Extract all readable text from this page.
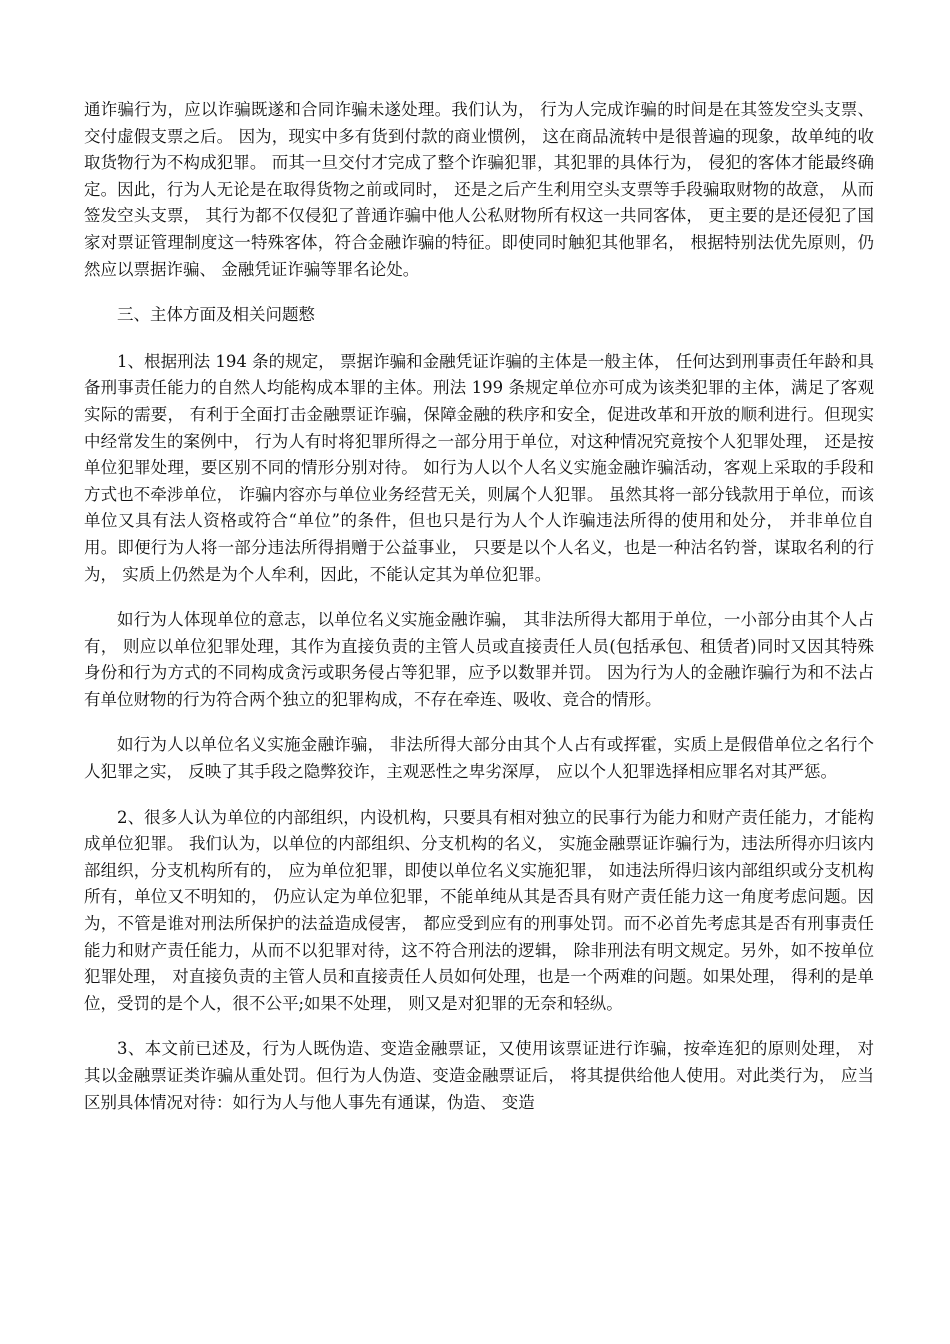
通诈骗行为，应以诈骗既遂和合同诈骗未遂处理。我们认为， 行为人完成诈骗的时间是在其签发空头支票、交付虚假支票之后。 因为，现实中多有货到付款的商业惯例， 这在商品流转中是很普遍的现象，故单纯的收取货物行为不构成犯罪。 而其一旦交付才完成了整个诈骗犯罪，其犯罪的具体行为， 侵犯的客体才能最终确定。因此，行为人无论是在取得货物之前或同时， 还是之后产生利用空头支票等手段骗取财物的故意， 从而签发空头支票， 其行为都不仅侵犯了普通诈骗中他人公私财物所有权这一共同客体， 更主要的是还侵犯了国家对票证管理制度这一特殊客体，符合金融诈骗的特征。即使同时触犯其他罪名， 根据特别法优先原则，仍然应以票据诈骗、 金融凭证诈骗等罪名论处。

三、主体方面及相关问题慗

1、根据刑法 194 条的规定， 票据诈骗和金融凭证诈骗的主体是一般主体， 任何达到刑事责任年龄和具备刑事责任能力的自然人均能构成本罪的主体。刑法 199 条规定单位亦可成为该类犯罪的主体，满足了客观实际的需要， 有利于全面打击金融票证诈骗，保障金融的秩序和安全，促进改革和开放的顺利进行。但现实中经常发生的案例中， 行为人有时将犯罪所得之一部分用于单位，对这种情况究竟按个人犯罪处理， 还是按单位犯罪处理，要区别不同的情形分别对待。 如行为人以个人名义实施金融诈骗活动，客观上采取的手段和方式也不牵涉单位， 诈骗内容亦与单位业务经营无关，则属个人犯罪。 虽然其将一部分钱款用于单位，而该单位又具有法人资格或符合“单位”的条件，但也只是行为人个人诈骗违法所得的使用和处分， 并非单位自用。即便行为人将一部分违法所得捐赠于公益事业， 只要是以个人名义，也是一种沽名钓誉，谋取名利的行为， 实质上仍然是为个人牟利，因此，不能认定其为单位犯罪。

如行为人体现单位的意志，以单位名义实施金融诈骗， 其非法所得大都用于单位，一小部分由其个人占有， 则应以单位犯罪处理，其作为直接负责的主管人员或直接责任人员(包括承包、租赁者)同时又因其特殊身份和行为方式的不同构成贪污或职务侵占等犯罪，应予以数罪并罚。 因为行为人的金融诈骗行为和不法占有单位财物的行为符合两个独立的犯罪构成，不存在牵连、吸收、竞合的情形。

如行为人以单位名义实施金融诈骗， 非法所得大部分由其个人占有或挥霍，实质上是假借单位之名行个人犯罪之实， 反映了其手段之隐弊狡诈，主观恶性之卑劣深厚， 应以个人犯罪选择相应罪名对其严惩。

2、很多人认为单位的内部组织，内设机构，只要具有相对独立的民事行为能力和财产责任能力，才能构成单位犯罪。 我们认为，以单位的内部组织、分支机构的名义， 实施金融票证诈骗行为，违法所得亦归该内部组织，分支机构所有的， 应为单位犯罪，即使以单位名义实施犯罪， 如违法所得归该内部组织或分支机构所有，单位又不明知的， 仍应认定为单位犯罪，不能单纯从其是否具有财产责任能力这一角度考虑问题。因为，不管是谁对刑法所保护的法益造成侵害， 都应受到应有的刑事处罚。而不必首先考虑其是否有刑事责任能力和财产责任能力，从而不以犯罪对待，这不符合刑法的逻辑， 除非刑法有明文规定。另外，如不按单位犯罪处理， 对直接负责的主管人员和直接责任人员如何处理，也是一个两难的问题。如果处理， 得利的是单位，受罚的是个人，很不公平;如果不处理， 则又是对犯罪的无奈和轻纵。

3、本文前已述及，行为人既伪造、变造金融票证，又使用该票证进行诈骗，按牵连犯的原则处理， 对其以金融票证类诈骗从重处罚。但行为人伪造、变造金融票证后， 将其提供给他人使用。对此类行为， 应当区别具体情况对待：如行为人与他人事先有通谋，伪造、 变造
